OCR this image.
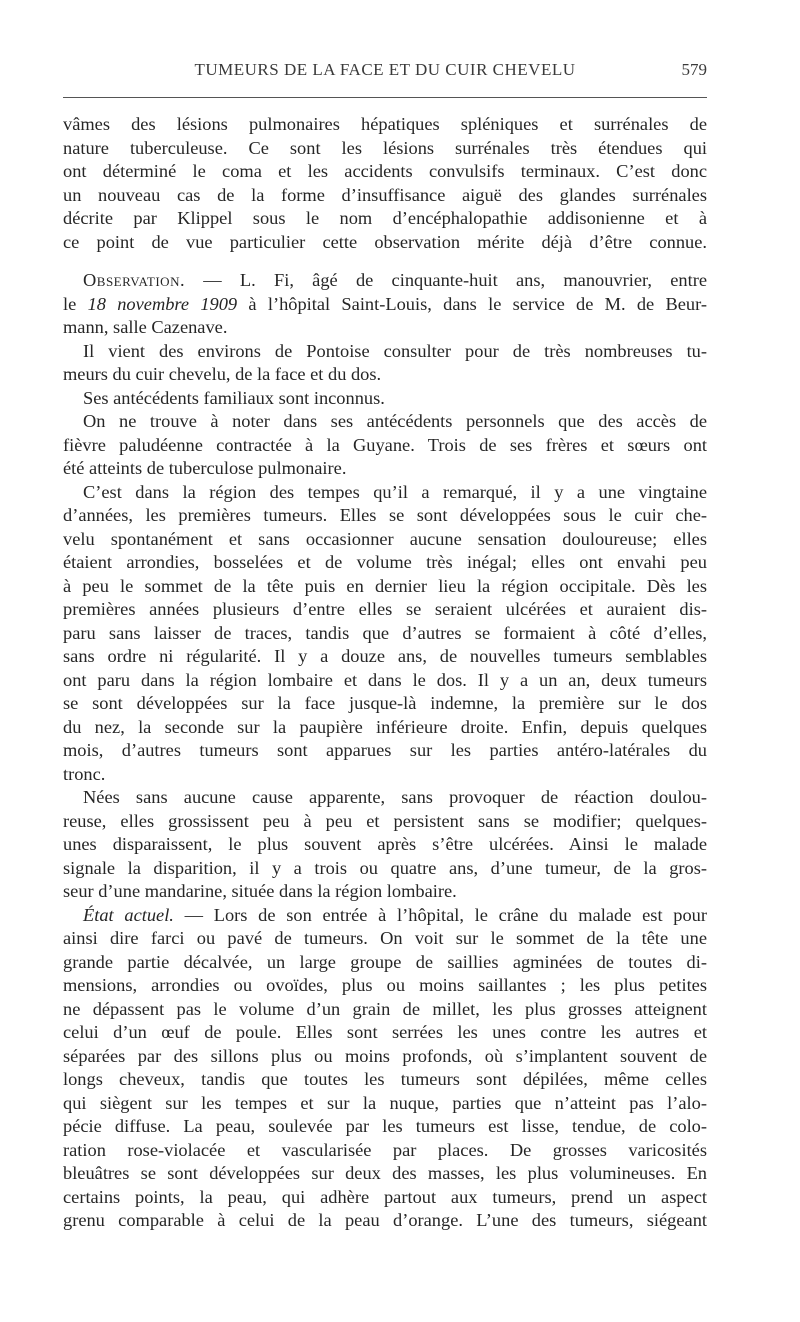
TUMEURS DE LA FACE ET DU CUIR CHEVELU	579
vâmes des lésions pulmonaires hépatiques spléniques et surrénales de
nature tuberculeuse. Ce sont les lésions surrénales très étendues qui
ont déterminé le coma et les accidents convulsifs terminaux. C’est donc
un nouveau cas de la forme d’insuffisance aiguë des glandes surrénales
décrite par Klippel sous le nom d’encéphalopathie addisonienne et à
ce point de vue particulier cette observation mérite déjà d’être connue.
Observation. — L. Fi, âgé de cinquante-huit ans, manouvrier, entre
le 18 novembre 1909 à l’hôpital Saint-Louis, dans le service de M. de Beur-
mann, salle Cazenave.
Il vient des environs de Pontoise consulter pour de très nombreuses tu-
meurs du cuir chevelu, de la face et du dos.
Ses antécédents familiaux sont inconnus.
On ne trouve à noter dans ses antécédents personnels que des accès de
fièvre paludéenne contractée à la Guyane. Trois de ses frères et sœurs ont
été atteints de tuberculose pulmonaire.
C’est dans la région des tempes qu’il a remarqué, il y a une vingtaine
d’années, les premières tumeurs. Elles se sont développées sous le cuir che-
velu spontanément et sans occasionner aucune sensation douloureuse; elles
étaient arrondies, bosselées et de volume très inégal; elles ont envahi peu
à peu le sommet de la tête puis en dernier lieu la région occipitale. Dès les
premières années plusieurs d’entre elles se seraient ulcérées et auraient dis-
paru sans laisser de traces, tandis que d’autres se formaient à côté d’elles,
sans ordre ni régularité. Il y a douze ans, de nouvelles tumeurs semblables
ont paru dans la région lombaire et dans le dos. Il y a un an, deux tumeurs
se sont développées sur la face jusque-là indemne, la première sur le dos
du nez, la seconde sur la paupière inférieure droite. Enfin, depuis quelques
mois, d’autres tumeurs sont apparues sur les parties antéro-latérales du
tronc.
Nées sans aucune cause apparente, sans provoquer de réaction doulou-
reuse, elles grossissent peu à peu et persistent sans se modifier; quelques-
unes disparaissent, le plus souvent après s’être ulcérées. Ainsi le malade
signale la disparition, il y a trois ou quatre ans, d’une tumeur, de la gros-
seur d’une mandarine, située dans la région lombaire.
État actuel. — Lors de son entrée à l’hôpital, le crâne du malade est pour
ainsi dire farci ou pavé de tumeurs. On voit sur le sommet de la tête une
grande partie décalvée, un large groupe de saillies agminées de toutes di-
mensions, arrondies ou ovoïdes, plus ou moins saillantes ; les plus petites
ne dépassent pas le volume d’un grain de millet, les plus grosses atteignent
celui d’un œuf de poule. Elles sont serrées les unes contre les autres et
séparées par des sillons plus ou moins profonds, où s’implantent souvent de
longs cheveux, tandis que toutes les tumeurs sont dépilées, même celles
qui siègent sur les tempes et sur la nuque, parties que n’atteint pas l’alo-
pécie diffuse. La peau, soulevée par les tumeurs est lisse, tendue, de colo-
ration rose-violacée et vascularisée par places. De grosses varicosités
bleuâtres se sont développées sur deux des masses, les plus volumineuses. En
certains points, la peau, qui adhère partout aux tumeurs, prend un aspect
grenu comparable à celui de la peau d’orange. L’une des tumeurs, siégeant
